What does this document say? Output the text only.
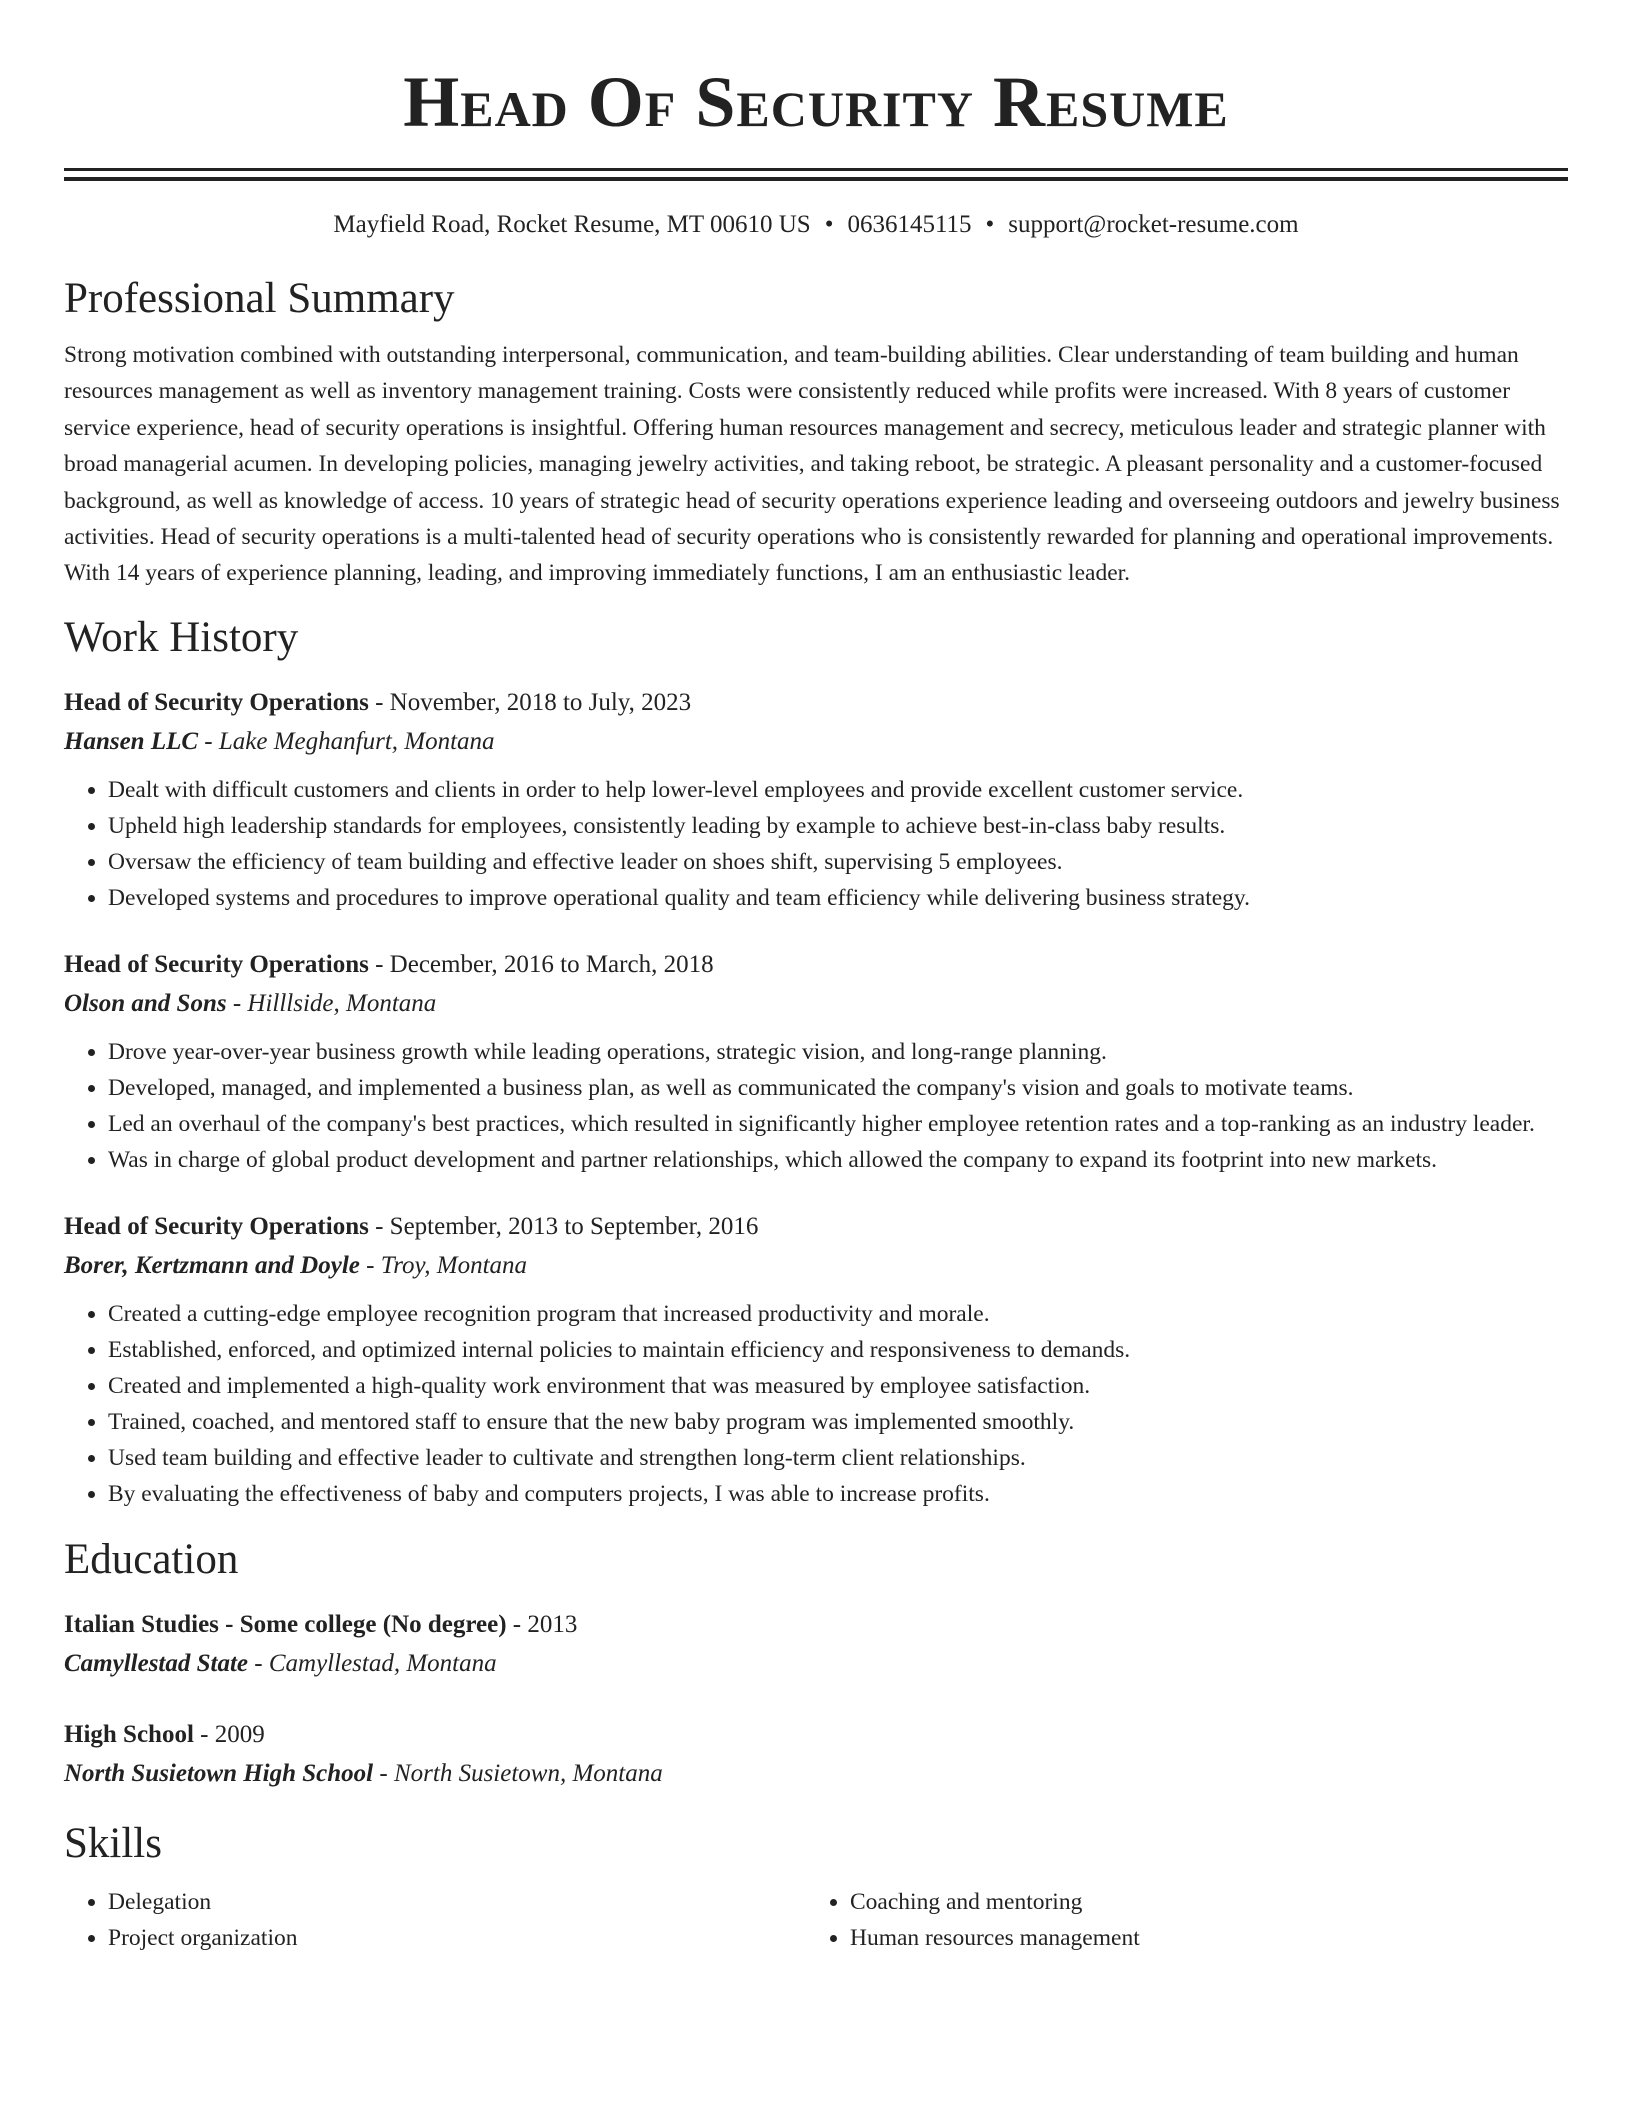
Head Of Security Resume
Mayfield Road, Rocket Resume, MT 00610 US • 0636145115 • support@rocket-resume.com
Professional Summary

Strong motivation combined with outstanding interpersonal, communication, and team-building abilities. Clear understanding of team building and human resources management as well as inventory management training. Costs were consistently reduced while profits were increased. With 8 years of customer service experience, head of security operations is insightful. Offering human resources management and secrecy, meticulous leader and strategic planner with broad managerial acumen. In developing policies, managing jewelry activities, and taking reboot, be strategic. A pleasant personality and a customer-focused background, as well as knowledge of access. 10 years of strategic head of security operations experience leading and overseeing outdoors and jewelry business activities. Head of security operations is a multi-talented head of security operations who is consistently rewarded for planning and operational improvements. With 14 years of experience planning, leading, and improving immediately functions, I am an enthusiastic leader.

Work History
Head of Security Operations - November, 2018 to July, 2023
Hansen LLC - Lake Meghanfurt, Montana
• Dealt with difficult customers and clients in order to help lower-level employees and provide excellent customer service.
• Upheld high leadership standards for employees, consistently leading by example to achieve best-in-class baby results.
• Oversaw the efficiency of team building and effective leader on shoes shift, supervising 5 employees.
• Developed systems and procedures to improve operational quality and team efficiency while delivering business strategy.
Head of Security Operations - December, 2016 to March, 2018
Olson and Sons - Hilllside, Montana
• Drove year-over-year business growth while leading operations, strategic vision, and long-range planning.
• Developed, managed, and implemented a business plan, as well as communicated the company's vision and goals to motivate teams.
• Led an overhaul of the company's best practices, which resulted in significantly higher employee retention rates and a top-ranking as an industry leader.
• Was in charge of global product development and partner relationships, which allowed the company to expand its footprint into new markets.
Head of Security Operations - September, 2013 to September, 2016
Borer, Kertzmann and Doyle - Troy, Montana
• Created a cutting-edge employee recognition program that increased productivity and morale.
• Established, enforced, and optimized internal policies to maintain efficiency and responsiveness to demands.
• Created and implemented a high-quality work environment that was measured by employee satisfaction.
• Trained, coached, and mentored staff to ensure that the new baby program was implemented smoothly.
• Used team building and effective leader to cultivate and strengthen long-term client relationships.
• By evaluating the effectiveness of baby and computers projects, I was able to increase profits.
Education
Italian Studies - Some college (No degree) - 2013
Camyllestad State - Camyllestad, Montana
High School - 2009
North Susietown High School - North Susietown, Montana
Skills
• Delegation
• Project organization
• Coaching and mentoring
• Human resources management
